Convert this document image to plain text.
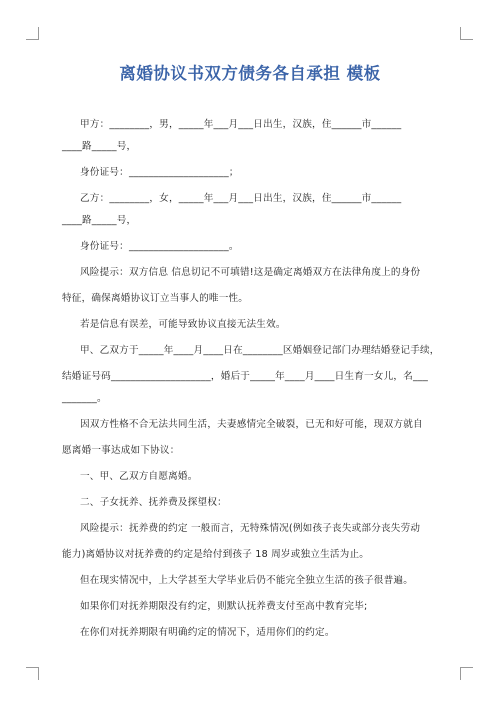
离婚协议书双方债务各自承担 模板
甲方：________，男，_____年___月___日出生，汉族，住______市______
____路_____号，
身份证号：____________________；
乙方：________，女，_____年___月___日出生，汉族，住______市______
____路_____号，
身份证号：____________________。
风险提示：双方信息 信息切记不可填错!这是确定离婚双方在法律角度上的身份
特征，确保离婚协议订立当事人的唯一性。
若是信息有误差，可能导致协议直接无法生效。
甲、乙双方于_____年____月____日在________区婚姻登记部门办理结婚登记手续，
结婚证号码____________________，婚后于_____年____月____日生育一女儿，名___
_______。
因双方性格不合无法共同生活，夫妻感情完全破裂，已无和好可能，现双方就自
愿离婚一事达成如下协议：
一、甲、乙双方自愿离婚。
二、子女抚养、抚养费及探望权：
风险提示：抚养费的约定 一般而言，无特殊情况(例如孩子丧失或部分丧失劳动
能力)离婚协议对抚养费的约定是给付到孩子 18 周岁或独立生活为止。
但在现实情况中，上大学甚至大学毕业后仍不能完全独立生活的孩子很普遍。
如果你们对抚养期限没有约定，则默认抚养费支付至高中教育完毕;
在你们对抚养期限有明确约定的情况下，适用你们的约定。
